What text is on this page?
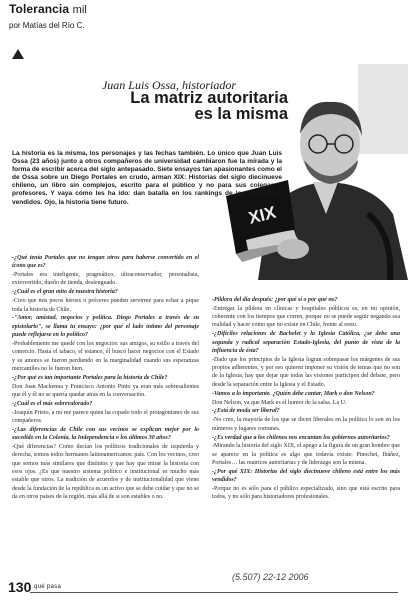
Tolerancia mil
por Matías del Río C.
XIX
Juan Luis Ossa, historiador
La matriz autoritaria es la misma
La historia es la misma, los personajes y las fechas también. Lo único que Juan Luis Ossa (23 años) junto a otros compañeros de universidad cambiaron fue la mirada y la forma de escribir acerca del siglo antepasado. Siete ensayos tan apasionantes como el de Ossa sobre un Diego Portales en crudo, arman XIX: Historias del siglo diecinueve chileno, un libro sin complejos, escrito para el público y no para sus colegas o profesores. Y vaya cómo les ha ido: dan batalla en los rankings de los libros más vendidos. Ojo, la historia tiene futuro.

-¿Qué tenía Portales que no tengan otros para haberse convertido en el ícono que es?

-Portales era inteligente, pragmático, ultraconservador, personalista, extrovertido, dueño de tienda, deslenguado.

-¿Cuál es el gran mito de nuestra historia?

-Creo que mis pocos héroes o próceres pueden servirme para echar a pique toda la historia de Chile.

-"Amor, amistad, negocios y política. Diego Portales a través de su epistolario", se llama tu ensayo: ¿por qué el lado íntimo del personaje puede reflejarse en lo político?

-Probablemente me quedé con los negocios: sus amigos, su estilo a través del comercio. Hasta el tabaco, el estanco, él buscó hacer negocios con el Estado y su amores se fueron perdiendo en la marginalidad cuando sus esperanzas mercantiles no le fueron bien.

-¿Por qué es tan importante Portales para la historia de Chile?

Don Juan Mackenna y Francisco Antonio Pinto ya eran más sobresalientes que él y él no se quería quedar atrás en la conversación.

-¿Cuál es el más sobrevalorado?

-Joaquín Prieto, a mí me parece quien ha copado todo el protagonismo de sus compañeros.

-¿Las diferencias de Chile con sus vecinos se explican mejor por lo sucedido en la Colonia, la Independencia o los últimos 30 años?

-Qué diferencias? Como decían los políticos tradicionales de izquierda y derecha, somos todos hermanos latinoamericanos: país. Con los vecinos, creo que somos más similares que distintos y que hay que mirar la historia con esos ojos. ¿Es que nuestro sistema político e institucional es mucho más estable que otros. La tradición de acuerdos y de institucionalidad que viene desde la fundación de la república es un activo que se debe cuidar y que no se da en otros países de la región, más allá de si son estables o no.

-Pildora del día después: ¿por qué sí o por qué no?

-Entregar la píldora en clínicas y hospitales públicos es, en mi opinión, coherente con los tiempos que corren, porque no se puede seguir negando esa realidad y hacer como que no existe en Chile, frente al resto.

-¿Difíciles relaciones de Bachelet y la Iglesia Católica, ¿se debe una segunda y radical separación Estado-Iglesia, del punto de vista de la influencia de ésta?

-Dado que los principios de la Iglesia logran sobrepasar los márgenes de sus propios adherentes, y por eso quieren imponer su visión de temas que no son de la Iglesia, hay que dejar que todas las visiones participen del debate, pero desde la separación entre la Iglesia y el Estado.

-Vamos a lo importante. ¿Quién debe cantar, Mark o don Nelson?

Don Nelson, ya que Mark es el humor de la salsa. La U.

-¿Está de moda ser liberal?

-No creo, la mayoría de los que se dicen liberales en la política lo son en los números y lugares comunes.

-¿Es verdad que a los chilenos nos encantan los gobiernos autoritarios?

-Mirando la historia del siglo XIX, el apego a la figura de un gran hombre que se aparece en la política es algo que todavía existe: Pinochet, Ibáñez, Portales… las matrices autoritarias y de liderazgo son la misma.

-¿Por qué XIX: Historias del siglo diecinueve chileno está entre los más vendidos?

-Porque no es sólo para el público especializado, sino que está escrito para todos, y no sólo para historiadores profesionales.

130 qué pasa
(5.507) 22-12 2006
